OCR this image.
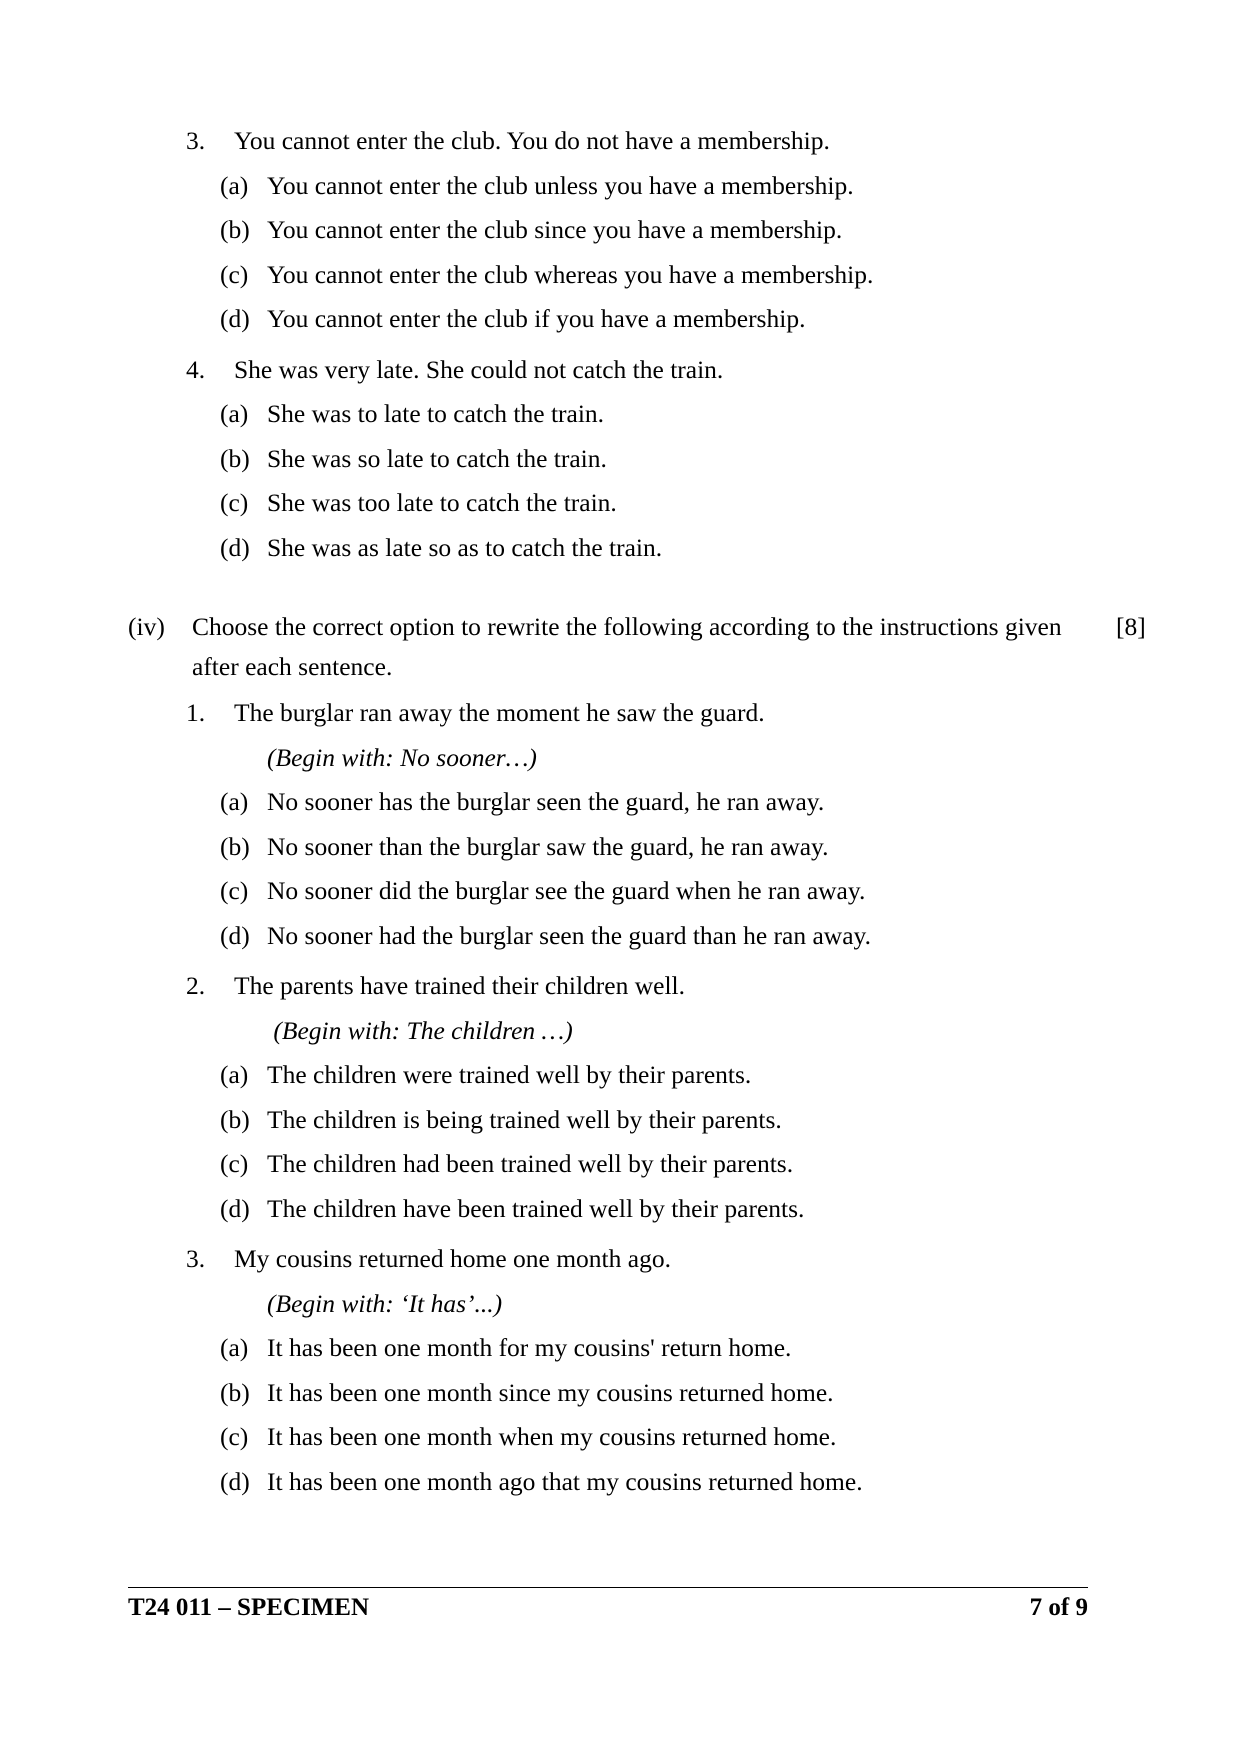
3.	You cannot enter the club. You do not have a membership.
(a) You cannot enter the club unless you have a membership.
(b) You cannot enter the club since you have a membership.
(c) You cannot enter the club whereas you have a membership.
(d) You cannot enter the club if you have a membership.
4.	She was very late. She could not catch the train.
(a) She was to late to catch the train.
(b) She was so late to catch the train.
(c) She was too late to catch the train.
(d) She was as late so as to catch the train.
(iv)	Choose the correct option to rewrite the following according to the instructions given after each sentence.
[8]
1.	The burglar ran away the moment he saw the guard.
(Begin with: No sooner…)
(a) No sooner has the burglar seen the guard, he ran away.
(b) No sooner than the burglar saw the guard, he ran away.
(c) No sooner did the burglar see the guard when he ran away.
(d) No sooner had the burglar seen the guard than he ran away.
2.	The parents have trained their children well.
(Begin with: The children …)
(a) The children were trained well by their parents.
(b) The children is being trained well by their parents.
(c) The children had been trained well by their parents.
(d) The children have been trained well by their parents.
3.	My cousins returned home one month ago.
(Begin with: ‘It has’...)
(a) It has been one month for my cousins' return home.
(b) It has been one month since my cousins returned home.
(c) It has been one month when my cousins returned home.
(d) It has been one month ago that my cousins returned home.
T24 011 – SPECIMEN	7 of 9
